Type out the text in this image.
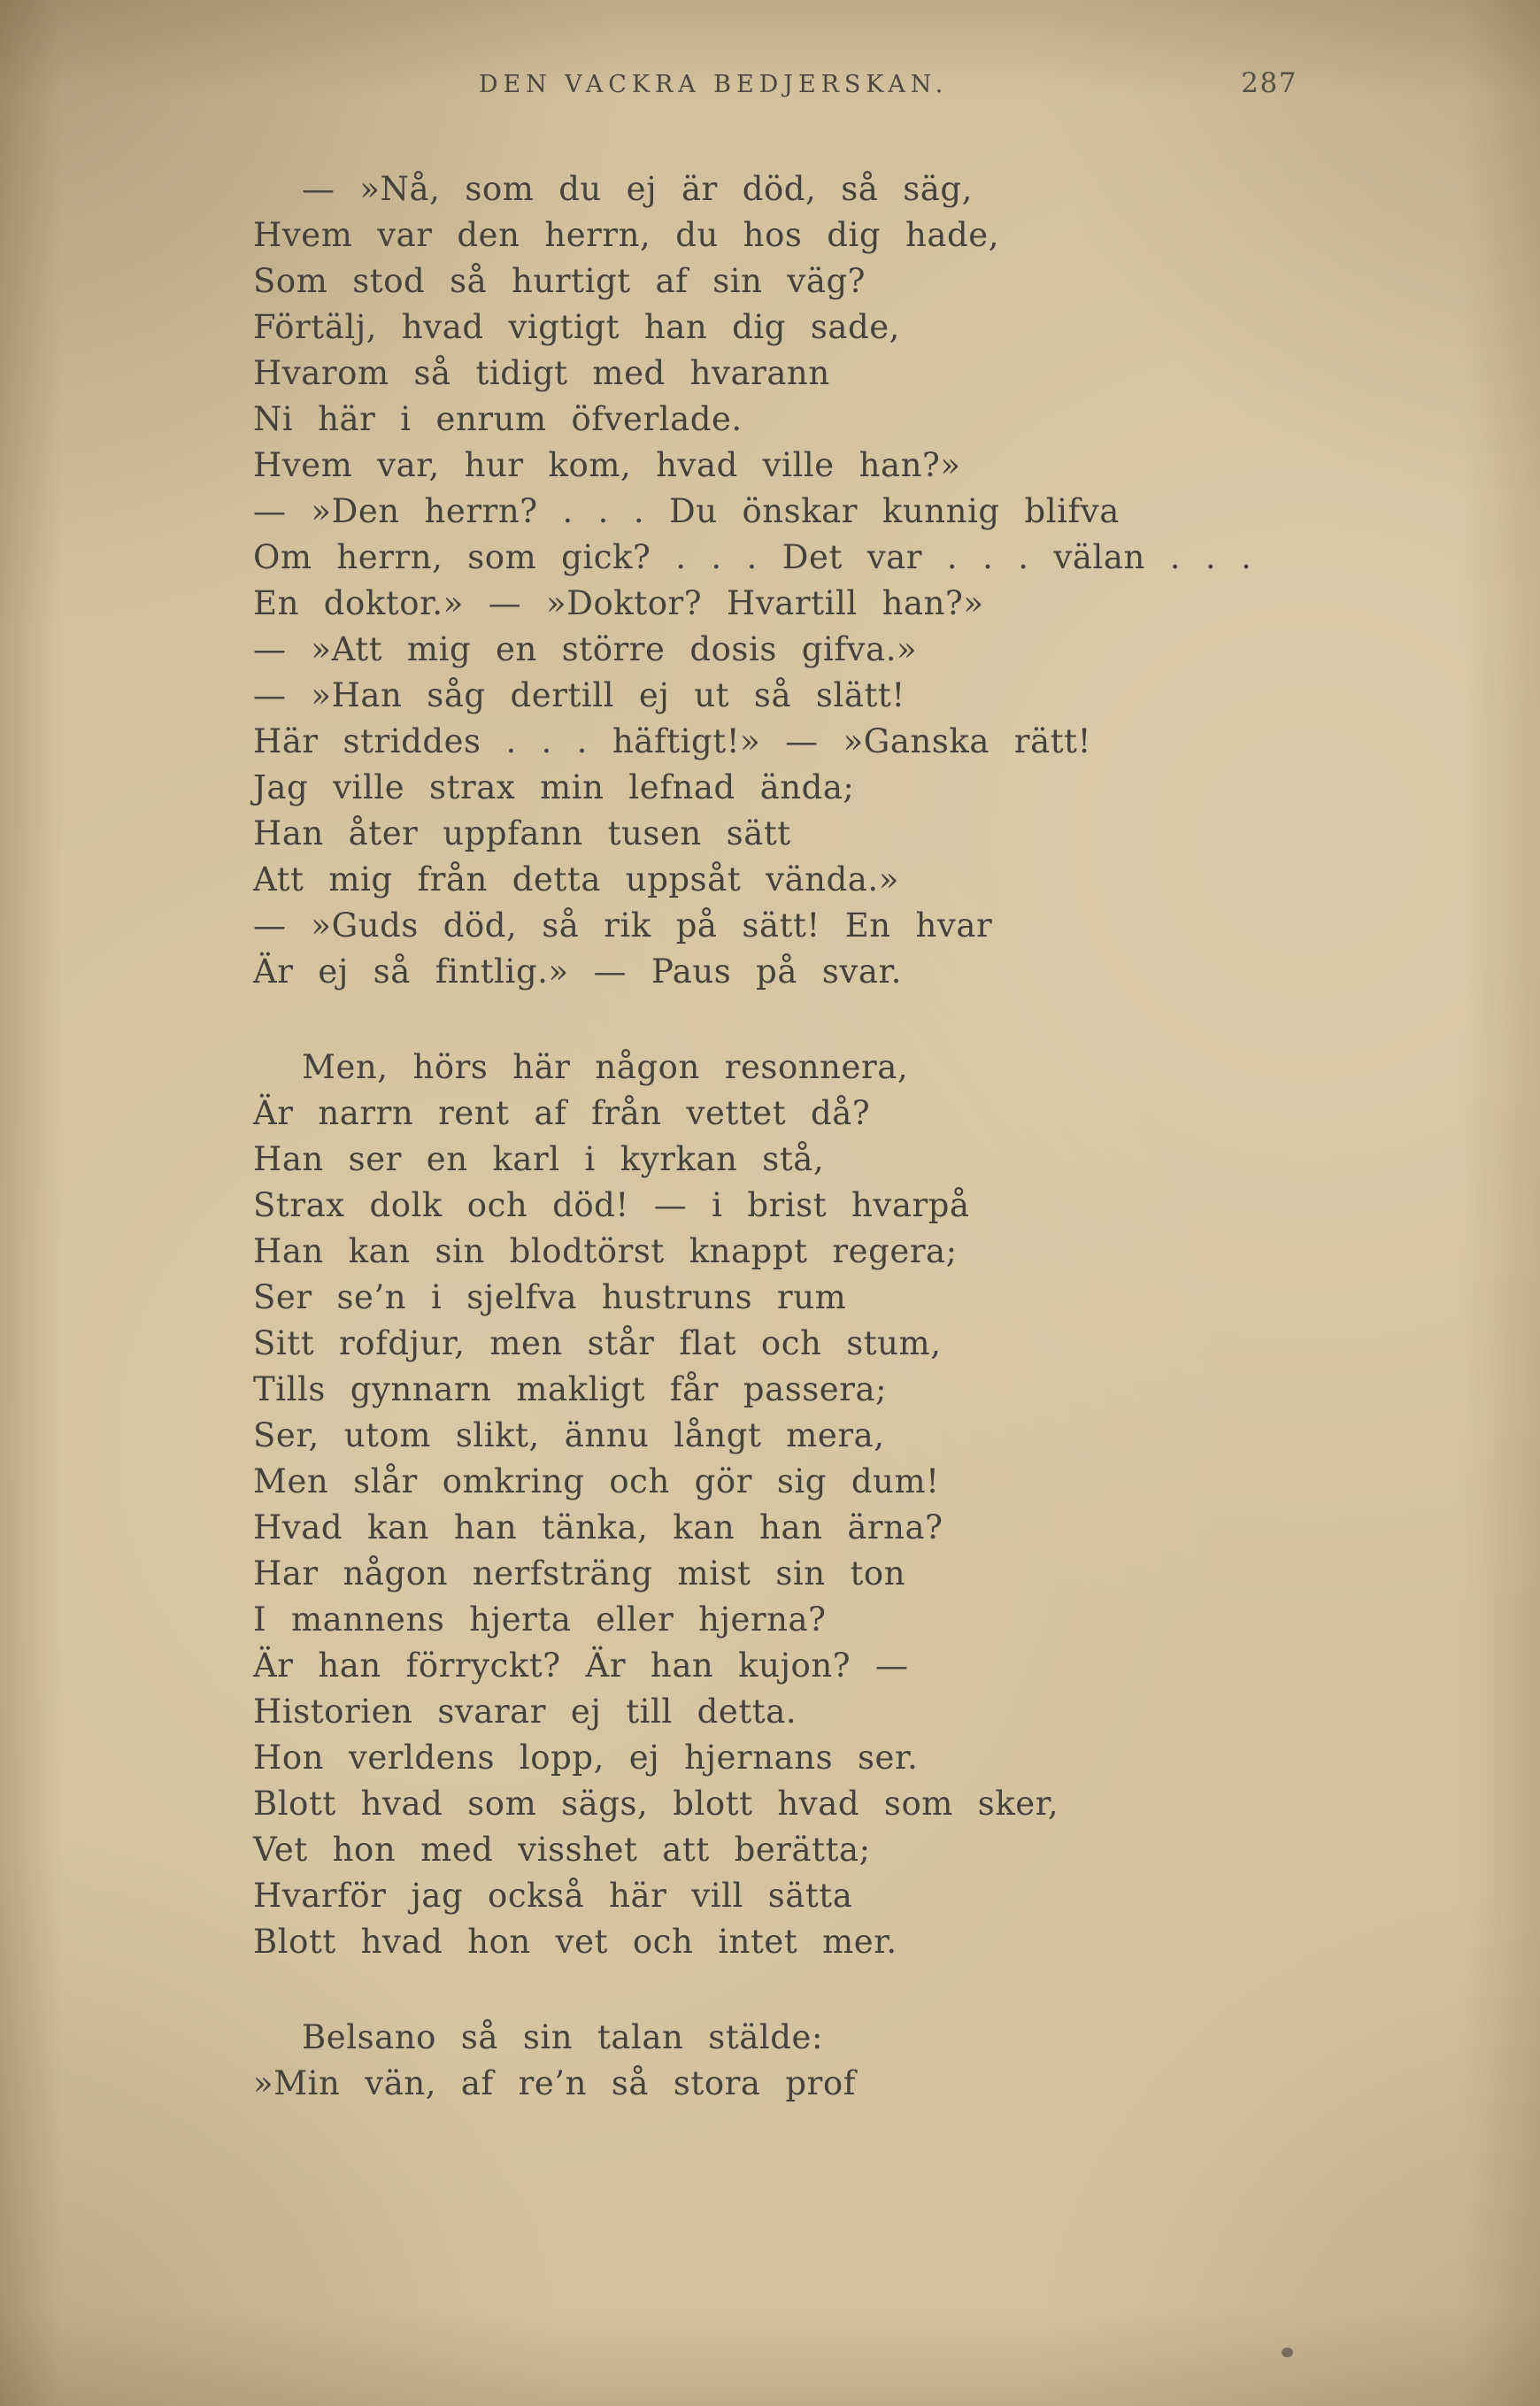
DEN VACKRA BEDJERSKAN.	287
— »Nå, som du ej är död, så säg,
Hvem var den herrn, du hos dig hade,
Som stod så hurtigt af sin väg?
Förtälj, hvad vigtigt han dig sade,
Hvarom så tidigt med hvarann
Ni här i enrum öfverlade.
Hvem var, hur kom, hvad ville han?»
— »Den herrn? . . . Du önskar kunnig blifva
Om herrn, som gick? . . . Det var . . . välan . . .
En doktor.» — »Doktor? Hvartill han?»
— »Att mig en större dosis gifva.»
— »Han såg dertill ej ut så slätt!
Här striddes . . . häftigt!» — »Ganska rätt!
Jag ville strax min lefnad ända;
Han åter uppfann tusen sätt
Att mig från detta uppsåt vända.»
— »Guds död, så rik på sätt! En hvar
Är ej så fintlig.» — Paus på svar.
Men, hörs här någon resonnera,
Är narrn rent af från vettet då?
Han ser en karl i kyrkan stå,
Strax dolk och död! — i brist hvarpå
Han kan sin blodtörst knappt regera;
Ser se’n i sjelfva hustruns rum
Sitt rofdjur, men står flat och stum,
Tills gynnarn makligt får passera;
Ser, utom slikt, ännu långt mera,
Men slår omkring och gör sig dum!
Hvad kan han tänka, kan han ärna?
Har någon nerfsträng mist sin ton
I mannens hjerta eller hjerna?
Är han förryckt? Är han kujon? —
Historien svarar ej till detta.
Hon verldens lopp, ej hjernans ser.
Blott hvad som sägs, blott hvad som sker,
Vet hon med visshet att berätta;
Hvarför jag också här vill sätta
Blott hvad hon vet och intet mer.
Belsano så sin talan stälde:
»Min vän, af re’n så stora prof
